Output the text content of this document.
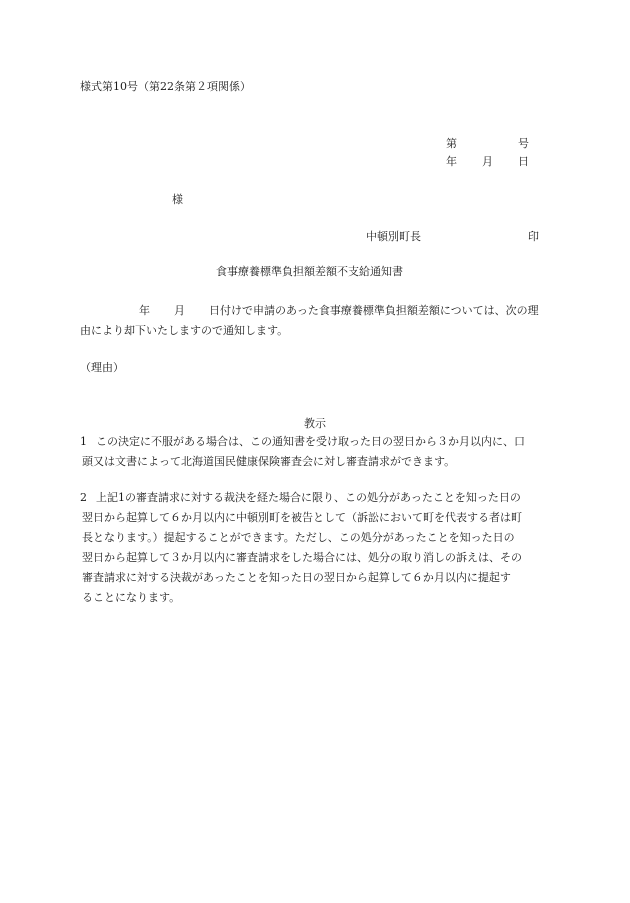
様式第10号（第22条第２項関係）
第	号
年 月 日
様
中頓別町長	印
食事療養標準負担額差額不支給通知書
年 月 日付けで申請のあった食事療養標準負担額差額については、次の理
由により却下いたしますので通知します。
（理由）
教示
1 この決定に不服がある場合は、この通知書を受け取った日の翌日から３か月以内に、口
頭又は文書によって北海道国民健康保険審査会に対し審査請求ができます。
2 上記1の審査請求に対する裁決を経た場合に限り、この処分があったことを知った日の
翌日から起算して６か月以内に中頓別町を被告として（訴訟において町を代表する者は町
長となります。）提起することができます。ただし、この処分があったことを知った日の
翌日から起算して３か月以内に審査請求をした場合には、処分の取り消しの訴えは、その
審査請求に対する決裁があったことを知った日の翌日から起算して６か月以内に提起す
ることになります。
